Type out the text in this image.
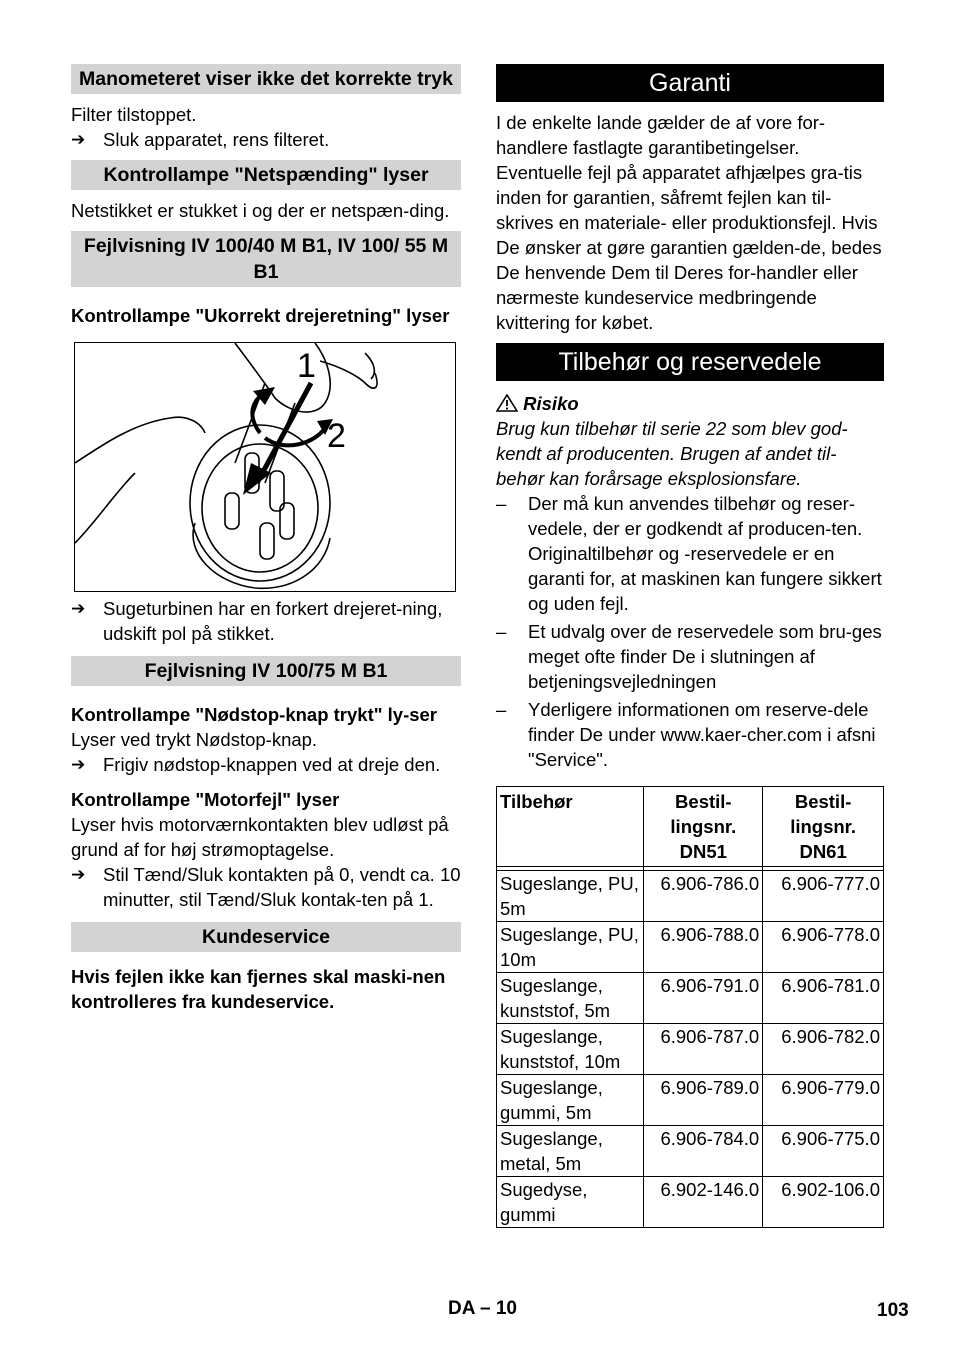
Manometeret viser ikke det korrekte tryk

Filter tilstoppet.

➔ Sluk apparatet, rens filteret.
Kontrollampe "Netspænding" lyser

Netstikket er stukket i og der er netspæn-ding.

Fejlvisning IV 100/40 M B1, IV 100/ 55 M B1

Kontrollampe "Ukorrekt drejeretning" lyser

1
2
➔ Sugeturbinen har en forkert drejeret-ning, udskift pol på stikket.
Fejlvisning IV 100/75 M B1

Kontrollampe "Nødstop-knap trykt" ly-ser

Lyser ved trykt Nødstop-knap.

➔ Frigiv nødstop-knappen ved at dreje den.

Kontrollampe "Motorfejl" lyser

Lyser hvis motorværnkontakten blev udløst på grund af for høj strømoptagelse.

➔ Stil Tænd/Sluk kontakten på 0, vendt ca. 10 minutter, stil Tænd/Sluk kontak-ten på 1.
Kundeservice

Hvis fejlen ikke kan fjernes skal maski-nen kontrolleres fra kundeservice.

Garanti

I de enkelte lande gælder de af vore for-handlere fastlagte garantibetingelser. Eventuelle fejl på apparatet afhjælpes gra-tis inden for garantien, såfremt fejlen kan til-skrives en materiale- eller produktionsfejl. Hvis De ønsker at gøre garantien gælden-de, bedes De henvende Dem til Deres for-handler eller nærmeste kundeservice medbringende kvittering for købet.

Tilbehør og reservedele

Risiko

Brug kun tilbehør til serie 22 som blev god-kendt af producenten. Brugen af andet til-behør kan forårsage eksplosionsfare.

–	Der må kun anvendes tilbehør og reser-vedele, der er godkendt af producen-ten. Originaltilbehør og -reservedele er en garanti for, at maskinen kan fungere sikkert og uden fejl.
–	Et udvalg over de reservedele som bru-ges meget ofte finder De i slutningen af betjeningsvejledningen
–	Yderligere informationen om reserve-dele finder De under www.kaer-cher.com i afsni "Service".
Tilbehør	Bestil-lingsnr. DN51	Bestil-lingsnr. DN61

Sugeslange, PU, 5m	6.906-786.0	6.906-777.0
Sugeslange, PU, 10m	6.906-788.0	6.906-778.0
Sugeslange, kunststof, 5m	6.906-791.0	6.906-781.0
Sugeslange, kunststof, 10m	6.906-787.0	6.906-782.0
Sugeslange, gummi, 5m	6.906-789.0	6.906-779.0
Sugeslange, metal, 5m	6.906-784.0	6.906-775.0
Sugedyse, gummi	6.902-146.0	6.902-106.0
DA – 10	103
